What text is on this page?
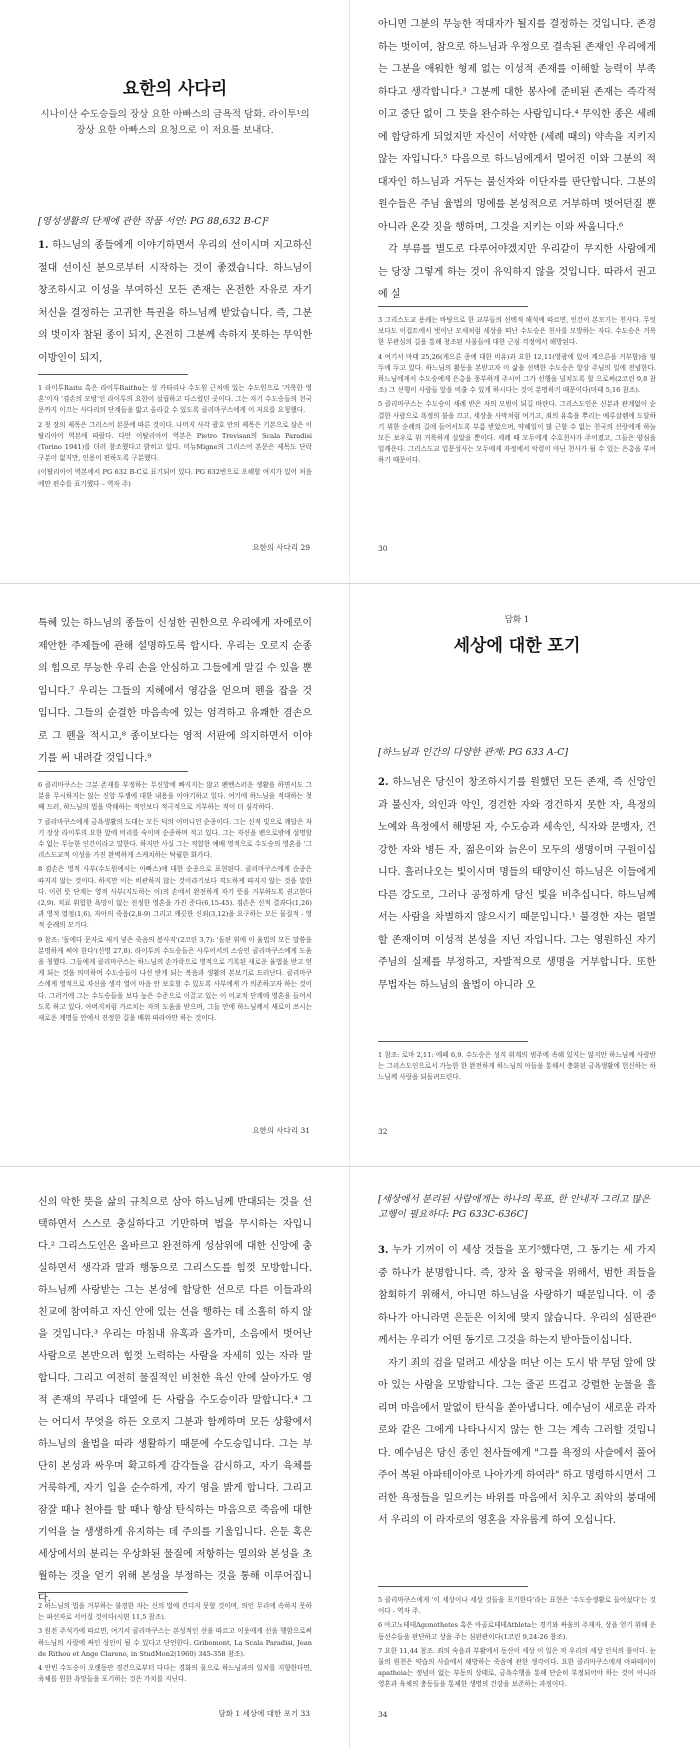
요한의 사다리

시나이산 수도승들의 장상 요한 아빠스의 금욕적 담화. 라이투¹의 장상 요한 아빠스의 요청으로 이 저요를 보내다.

[영성생활의 단계에 관한 작품 서언: PG 88,632 B-C]²

1. 하느님의 종들에게 이야기하면서 우리의 선이시며 지고하신 절대 선이신 분으로부터 시작하는 것이 좋겠습니다. 하느님이 창조하시고 이성을 부여하신 모든 존재는 온전한 자유로 자기 처신을 결정하는 고귀한 특권을 하느님께 받았습니다. 즉, 그분의 벗이자 참된 종이 되지, 온전히 그분께 속하지 못하는 무익한 이방인이 되지,

1 라이투Raitu 혹은 라이투Raithu는 성 카타리나 수도원 근처에 있는 수도원으로 '거룩한 영혼'이자 '겸손의 모범'인 라이투의 요한이 설립하고 다스렸던 곳이다. 그는 자기 수도승들의 천국 문까지 이끄는 사다리의 단계들을 밟고 올라갈 수 있도록 클리마쿠스에게 이 저요를 요청했다.

2 첫 장의 제목은 그리스어 본문에 따른 것이다. 나머지 사각 괄호 안의 제목은 기본으로 삼은 이탈리아어 역본에 따랐다. 다만 이탈리아어 역본은 Pietro Trevisan의 Scala Paradisi (Torino 1941)를 더러 참조했다고 밝히고 있다. 미뉴Migne의 그리스어 본문은 제목도 단락 구분이 없지만, 인용이 편하도록 구분했다.

(이탈리아어 역본에서 PG 632 B-C로 표기되어 있다. PG 632번으로 오해할 여지가 있어 처음에만 편수를 표기했다 – 역자 주)

요한의 사다리 29

아니면 그분의 무능한 적대자가 될지를 결정하는 것입니다. 존경하는 벗이여, 참으로 하느님과 우정으로 결속된 존재인 우리에게는 그분을 애워한 형제 없는 이성적 존재를 이해할 능력이 부족하다고 생각합니다.³ 그분께 대한 봉사에 준비된 존재는 즉각적이고 중단 없이 그 뜻을 완수하는 사람입니다.⁴ 무익한 종은 세례에 합당하게 되었지만 자신이 서약한 (세례 때의) 약속을 지키지 않는 자입니다.⁵ 다음으로 하느님에게서 멀어진 이와 그분의 적대자인 하느님과 거두는 불신자와 이단자를 판단합니다. 그분의 원수들은 주님 율법의 멍에를 본성적으로 거부하며 벗어던질 뿐 아니라 온갖 짓을 행하며, 그것을 지키는 이와 싸웁니다.⁶

각 부류를 별도로 다루어야겠지만 우리같이 무지한 사람에게는 당장 그렇게 하는 것이 유익하지 않을 것입니다. 따라서 권고에 실

3 그리스도교 용례는 바탕으로 한 교부들의 선택적 해석에 따르면, 인간이 본모기는 천사다. 무엇보다도 이집트에서 벗어난 모세처럼 세상을 떠난 수도승은 천사를 모방하는 자다. 수도승은 거룩한 무관심의 길을 통해 창조된 사물들에 대한 근심 걱정에서 해방된다.

4 여기서 마태 25,26(게으른 종에 대한 비유)과 요한 12,11(영광에 있어 계으른을 거부함)을 염두에 두고 있다. 하느님의 활동을 본받고자 이 삶을 선택한 수도승은 항상 주님의 일에 전념한다. 하느님에게서 수도승에게 은총을 풍부하게 주시어 그가 선행을 넘치도록 할 으로써(2코린 9,8 참조) 그 선행이 사람들 앞을 비출 수 있게 하시다는 것이 분명하기 때문이다(마태 5,16 참조).

5 클리마쿠스는 수도승이 세례 받은 자의 모범이 되길 바란다. 그리스도인은 신분과 관계없이 순결한 사람으로 욕정의 불을 끄고, 세상을 사막처럼 여기고, 죄의 유혹을 뿌리는 예루살렘에 도달하기 위한 순례의 길에 들어서도록 부름 받았으며, 약혜일이 많 근할 수 없는 천국의 신랑에게 하늘 모든 보우로 위 거룩하게 살았을 뿐이다. 세례 때 모두에게 수호천사가 주어졌고, 그들은 양심을 일깨운다. 그리스도교 입문성사는 모두에게 자정에서 악령이 아닌 천사가 될 수 있는 은총을 부여하기 때문이다.

30

특혜 있는 하느님의 종들이 신성한 권한으로 우리에게 자에로이 제안한 주제들에 관해 설명하도록 합시다. 우리는 오로지 순종의 힘으로 무능한 우리 손을 안심하고 그들에게 말길 수 있을 뿐입니다.⁷ 우리는 그들의 지혜에서 영감을 얻으며 펜을 잡을 것입니다. 그들의 순결한 마음속에 있는 엄격하고 유쾌한 겸손으로 그 펜을 적시고,⁸ 종이보다는 영적 서판에 의지하면서 이야기를 써 내려갈 것입니다.⁹

6 클리마쿠스는 그분 존재를 부정하는 무신앙에 빠지지는 않고 펜벤스러운 생활을 하면서도 그분을 무시하지는 않는 신앙 투쟁에 대한 내용을 이야기하고 있다. 여기에 하느님을 적대하는 첫째 드러, 하느님의 법을 박해하는 적인보다 적극적으로 거부하는 적이 더 심각하다.

7 클리마쿠스에게 금욕생활의 도대는 모든 덕의 어머니인 순종이다. 그는 신적 빛으로 깨달은 자기 장상 라이투의 요한 앞에 머리를 숙이며 순종하며 적고 있다. 그는 자신을 펜으로밖에 설명할 수 없는 무능한 인간이라고 말한다. 하지만 사실 그는 적합한 예배 영적으로 수도승의 영혼을 '그리스도교적 이성을 가진 완벽하게 스케치하는 탁월한 화가다.

8 겸손은 영적 사부(수도원에서는 아빠스)에 대한 순종으로 표현된다. 클리마쿠스에게 순종은 따지지 않는 것이다. 하지만 이는 비관하지 않는 것이라기보다 격도하게 따지지 않는 것을 말한다. 이런 뜻 단계는 영적 사부(지도하는 이)의 손에서 완전하게 자기 뜻을 거부하도록 권고한다(2,9). 치료 위험한 욕망이 없는 진정한 영혼을 가진 준다(6,15-45). 겸손은 신적 결과다(1,26)과 영적 열정(1,6), 자아의 죽음(2,8-9) 그리고 깨끗한 신뢰(3,12)을 요구하는 모든 물질적 - 영적 순례의 모기다.

9 참조: '돌에다 문자로 새겨 넣은 죽음의 봉사직'(2코린 3,7): '돌판 위에 이 율법의 모든 말씀을 분명하게 써야 한다'(신명 27,8). 라이투의 수도승들은 사투어서의 스승인 클리마쿠스에게 도움을 청했다. 그들에게 클리마쿠스는 하느님의 손가락으로 영적으로 기록된 새로운 율법을 받고 얻게 되는 것을 의미하며 수도승들이 나선 받게 되는 복음과 생활의 본보기로 드러난다. 클리마쿠스에게 영적으로 자신을 생각 열어 마음 안 보호할 수 있도록 사부에게 가 의존하고자 하는 것이다. 그러기에 그는 수도승들을 보다 높은 수준으로 이끌고 있는 이 이교적 단계에 영혼을 들어서도록 하고 있다. 아버지처럼 가르치는 자의 도움을 받으며, 그들 안에 하느님께서 새로이 쓰시는 새로운 계명들 안에서 진정한 길을 배워 따라야만 하는 것이다.

요한의 사다리 31

담화 1

세상에 대한 포기

[하느님과 인간의 다양한 관계: PG 633 A-C]

2. 하느님은 당신이 창조하시기를 원했던 모든 존재, 즉 신앙인과 불신자, 의인과 악인, 경건한 자와 경건하지 못한 자, 욕정의 노예와 욕정에서 해방된 자, 수도승과 세속인, 식자와 문맹자, 건강한 자와 병든 자, 젊은이와 늙은이 모두의 생명이며 구원이십니다. 흘러나오는 빛이시며 명들의 태양이신 하느님은 이들에게 다른 강도로, 그러나 공정하게 당신 빛을 비추십니다. 하느님께서는 사람을 차별하지 않으시기 때문입니다.¹ 불경한 자는 펼멸할 존재이며 이성적 본성을 지닌 자입니다. 그는 영원하신 자기 주님의 실제를 부정하고, 자발적으로 생명을 거부합니다. 또한 무법자는 하느님의 율법이 아니라 오

1 참조: 로마 2,11: 에페 6,9. 수도승은 성직 위계의 범주에 속해 있지는 않지만 하느님께 사랑받는 그리스도인으로서 가능한 한 완전하게 하느님의 아들을 통해서 충화된 금욕생활에 헌신하는 하느님께 사랑을 되돌려드린다.

32

신의 악한 뜻을 삶의 규칙으로 삼아 하느님께 반대되는 것을 선택하면서 스스로 충실하다고 기만하며 법을 무시하는 자입니다.² 그리스도인은 올바르고 완전하게 성삼위에 대한 신앙에 충실하면서 생각과 말과 행동으로 그리스도를 힘껏 모방합니다. 하느님께 사랑받는 그는 본성에 합당한 선으로 다른 이들과의 친교에 참여하고 자신 안에 있는 선을 행하는 데 소홀히 하지 않을 것입니다.³ 우리는 마침내 유혹과 올가미, 소음에서 벗어난 사람으로 본반으려 힘껏 노력하는 사람을 자세히 있는 자라 말합니다. 그리고 여전히 물질적인 비천한 육신 안에 살아가도 영적 존재의 무리나 대열에 든 사람을 수도승이라 말합니다.⁴ 그는 어디서 무엇을 하든 오로지 그분과 함께하며 모든 상황에서 하느님의 율법을 따라 생활하기 때문에 수도승입니다. 그는 부단히 본성과 싸우며 확고하게 감각들을 감시하고, 자기 육체를 거룩하게, 자기 입을 순수하게, 자기 영을 밝게 합니다. 그리고 잠잘 때나 천야를 할 때나 항상 탄식하는 마음으로 죽음에 대한 기억을 늘 생생하게 유지하는 데 주의를 기울입니다. 은둔 혹은 세상에서의 분리는 우상화된 물질에 저항하는 열의와 본성을 초월하는 것을 얻기 위해 본성을 부정하는 것을 통해 이루어집니다.

2 하느님의 법을 거부하는 불경한 자는 신의 법에 견디지 못할 것이며, 의인 무리에 속하지 못하는 파선자로 서어질 것이다(시편 11,5 참조).

3 원전 주석가에 따르면, 여기서 클리마쿠스는 본성적인 선을 따르고 이웃에게 선을 행함으로써 하느님의 사랑에 싸인 성인이 될 수 있다고 단언한다. Gribomont, La Scala Paradisi, Jean de Rithou et Ange Clareno, in StudMon2(1960) 345-358 참조).

4 안빈 수도승이 오랫동안 경건으로부터 다다는 경화의 물으로 하느님과의 일치를 지향한다면, 육체를 원한 욕망들을 포기하는 것은 가치를 지닌다.

담화 1 세상에 대한 포기 33

[세상에서 분리된 사람에게는 하나의 목표, 한 안내자 그리고 많은 고행이 필요하다: PG 633C-636C]

3. 누가 기꺼이 이 세상 것들을 포기⁵했다면, 그 동기는 세 가지 중 하나가 분명합니다. 즉, 장차 올 왕국을 위해서, 범한 죄들을 참회하기 위해서, 아니면 하느님을 사랑하기 때문입니다. 이 중 하나가 아니라면 은둔은 이치에 맞지 않습니다. 우리의 심판관⁶께서는 우리가 어떤 동기로 그것을 하는지 받아들이십니다.

자기 죄의 검을 덜려고 세상을 떠난 이는 도시 밖 무덤 앞에 앉아 있는 사람을 모방합니다. 그는 줄곧 뜨겁고 강렬한 눈물을 흘리며 마음에서 말없이 탄식을 쏟아냅니다. 예수님이 새로운 라자로와 같은 그에게 나타나시지 않는 한 그는 계속 그러할 것입니다. 예수님은 당신 종인 천사들에게 "그를 욕정의 사슬에서 풀어 주어 복된 아파테이아로 나아가게 하여라" 하고 명령하시면서 그러한 욕정들을 일으키는 바위를 마음에서 치우고 죄악의 붕대에서 우리의 이 라자로의 영혼을 자유롭게 하여 오십니다.

5 클리마쿠스에게 '이 세상이나 세상 것들을 포기한다'라는 표현은 '수도승생활로 들어섰다'는 것이다 - 역자 주.

6 아고노테테Agonothetes 혹은 아골로테테Athleta는 경기와 싸움의 주재자, 상을 얻기 위해 운동선수들을 판단하고 상을 주는 심판관이다(1코린 9,24-26 참조).

7 요한 11,44 참조. 죄의 숙음과 부활에서 동산이 세상 이 일은 작 우리의 세상 인식의 틀이다. 눈물의 원천은 약습의 사슬에서 해방하는 죽음에 관한 생각이다. 요한 클리마쿠스에게 아파테이아apatheia는 정념이 없는 부동의 상태로, 금욕수행을 통해 단순히 부정되어야 하는 것이 아니라 영혼과 육체의 충동들을 통제한 생명의 건강을 보존하는 과정이다.

34
